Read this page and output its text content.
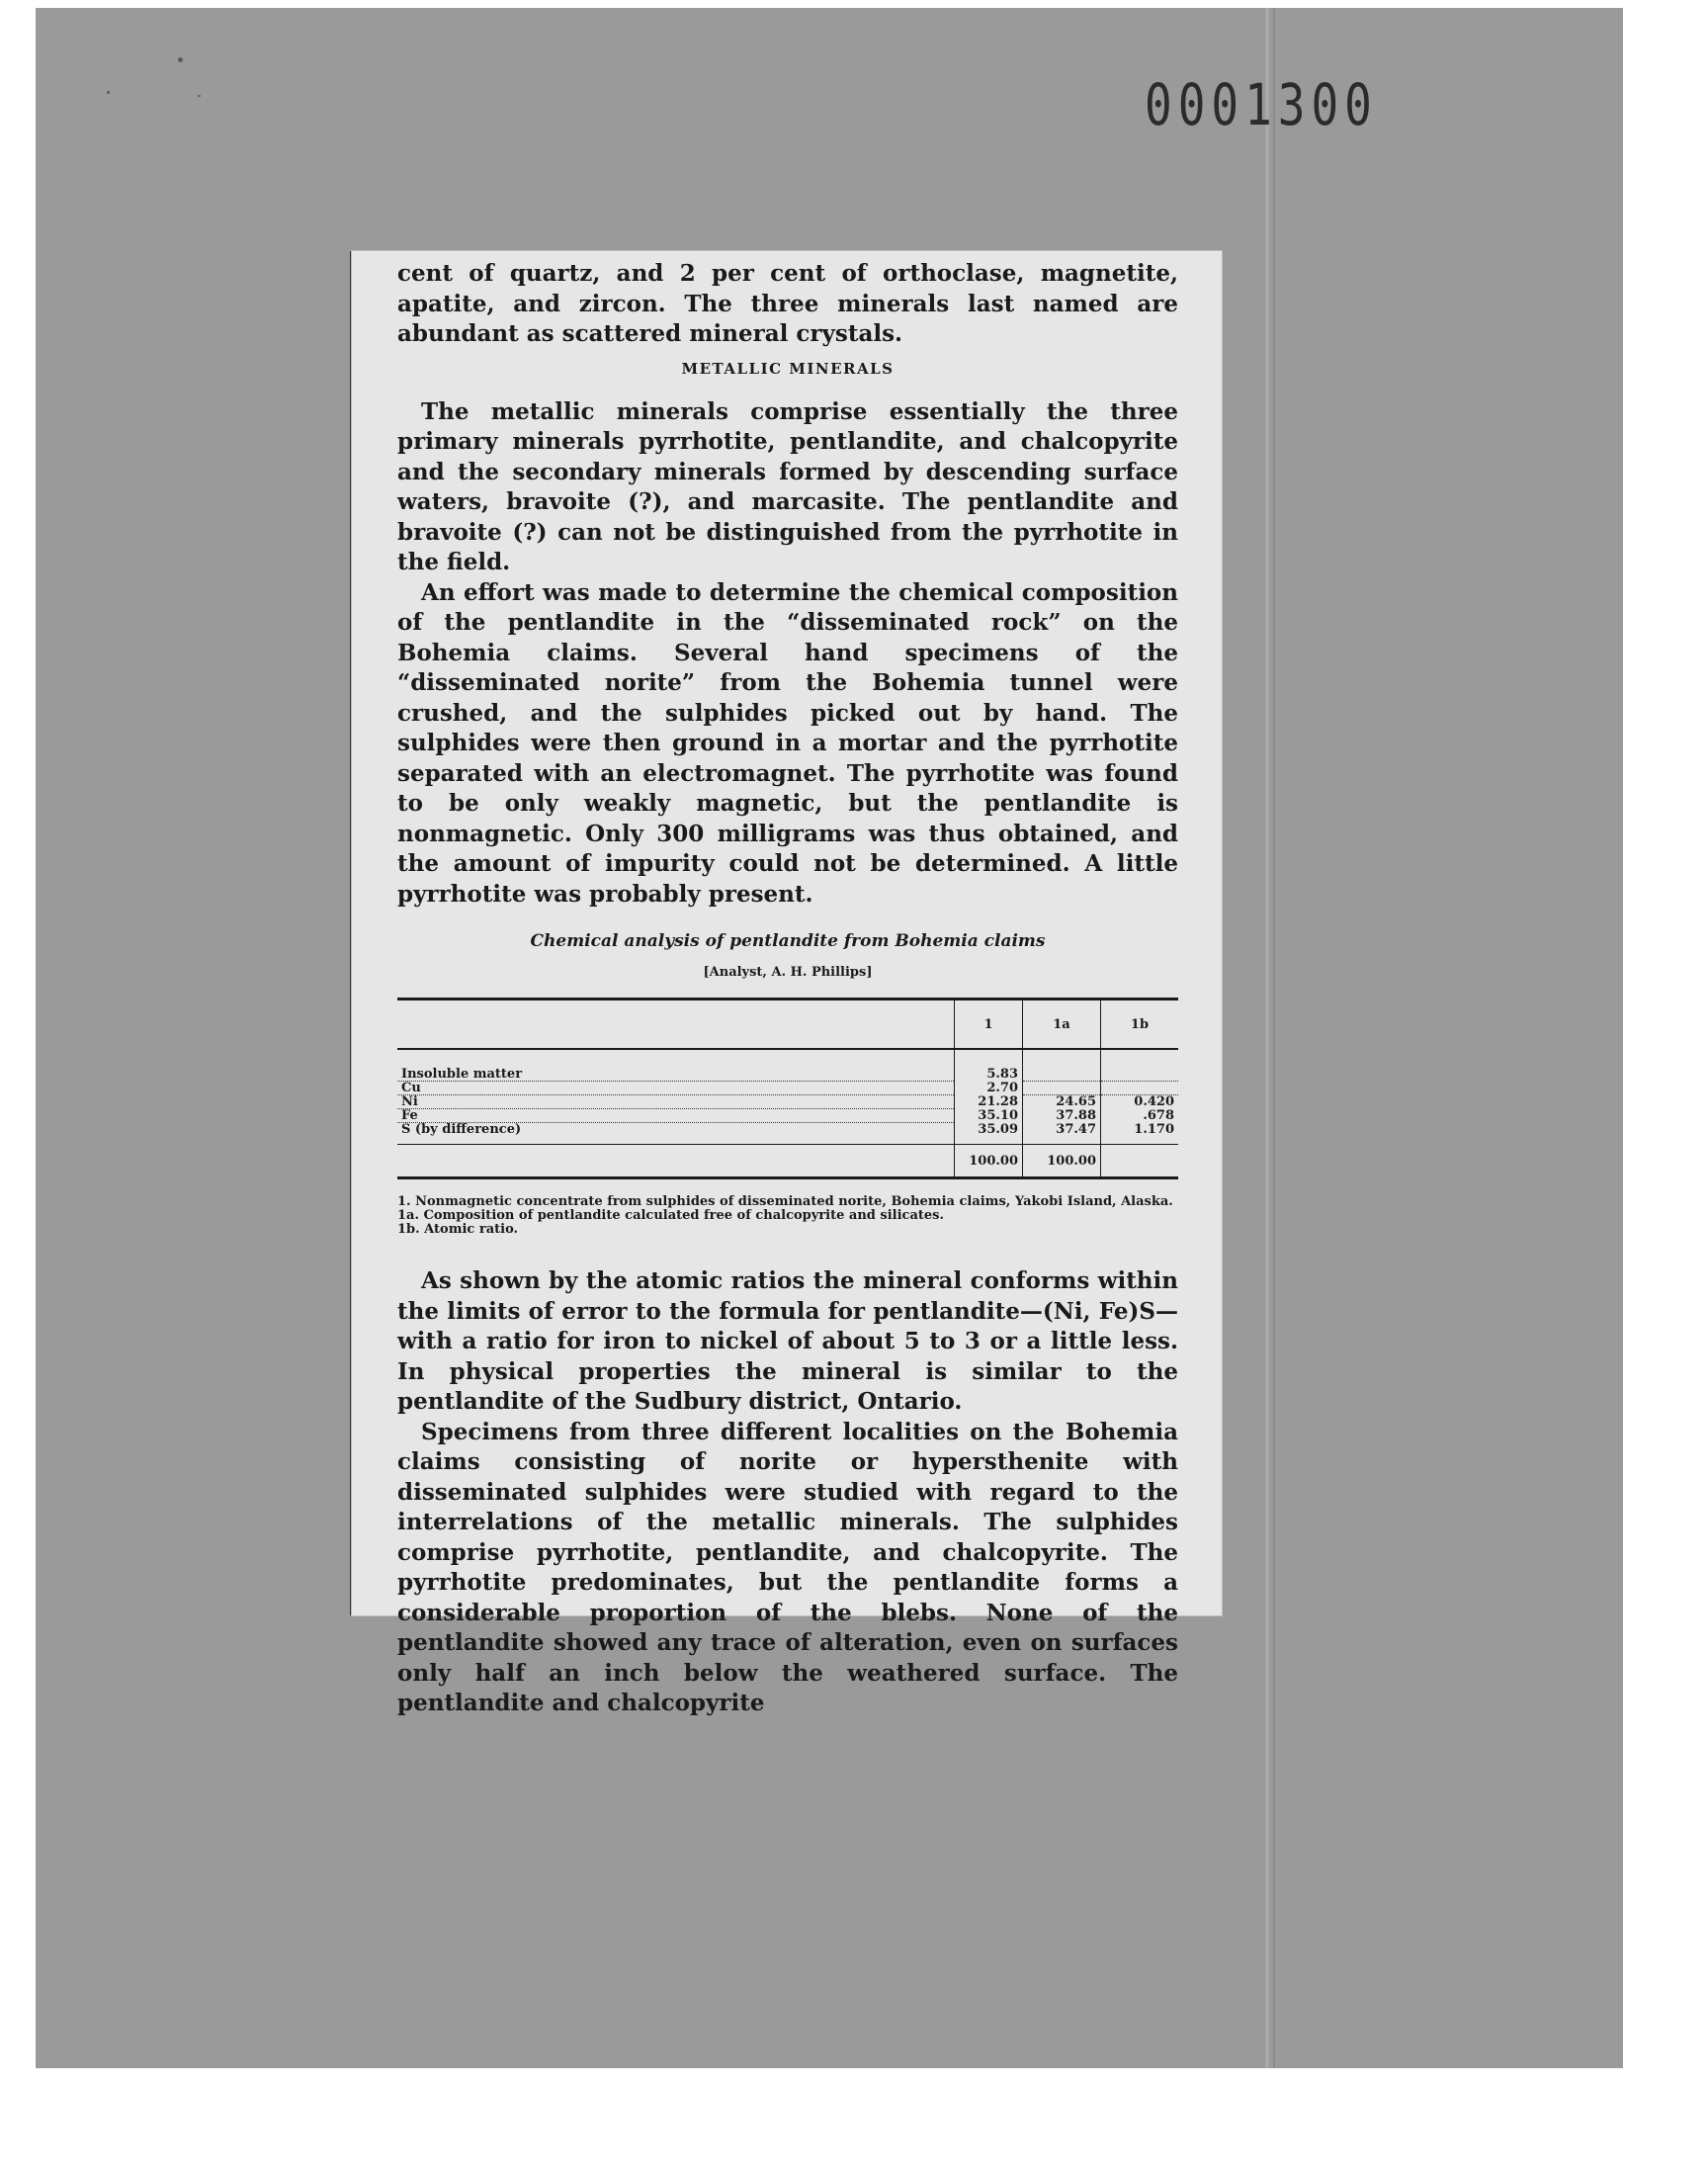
0001300

cent of quartz, and 2 per cent of orthoclase, magnetite, apatite, and zircon. The three minerals last named are abundant as scattered mineral crystals.

METALLIC MINERALS

The metallic minerals comprise essentially the three primary minerals pyrrhotite, pentlandite, and chalcopyrite and the secondary minerals formed by descending surface waters, bravoite (?), and marcasite. The pentlandite and bravoite (?) can not be distinguished from the pyrrhotite in the field.

An effort was made to determine the chemical composition of the pentlandite in the “disseminated rock” on the Bohemia claims. Several hand specimens of the “disseminated norite” from the Bohemia tunnel were crushed, and the sulphides picked out by hand. The sulphides were then ground in a mortar and the pyrrhotite separated with an electromagnet. The pyrrhotite was found to be only weakly magnetic, but the pentlandite is nonmagnetic. Only 300 milligrams was thus obtained, and the amount of impurity could not be determined. A little pyrrhotite was probably present.

Chemical analysis of pentlandite from Bohemia claims
[Analyst, A. H. Phillips]
	1	1a	1b
Insoluble matter	5.83		
Cu	2.70		
Ni	21.28	24.65	0.420
Fe	35.10	37.88	.678
S (by difference)	35.09	37.47	1.170
	100.00	100.00	
1. Nonmagnetic concentrate from sulphides of disseminated norite, Bohemia claims, Yakobi Island, Alaska.
1a. Composition of pentlandite calculated free of chalcopyrite and silicates.
1b. Atomic ratio.

As shown by the atomic ratios the mineral conforms within the limits of error to the formula for pentlandite—(Ni, Fe)S—with a ratio for iron to nickel of about 5 to 3 or a little less. In physical properties the mineral is similar to the pentlandite of the Sudbury district, Ontario.

Specimens from three different localities on the Bohemia claims consisting of norite or hypersthenite with disseminated sulphides were studied with regard to the interrelations of the metallic minerals. The sulphides comprise pyrrhotite, pentlandite, and chalcopyrite. The pyrrhotite predominates, but the pentlandite forms a considerable proportion of the blebs. None of the pentlandite showed any trace of alteration, even on surfaces only half an inch below the weathered surface. The pentlandite and chalcopyrite
